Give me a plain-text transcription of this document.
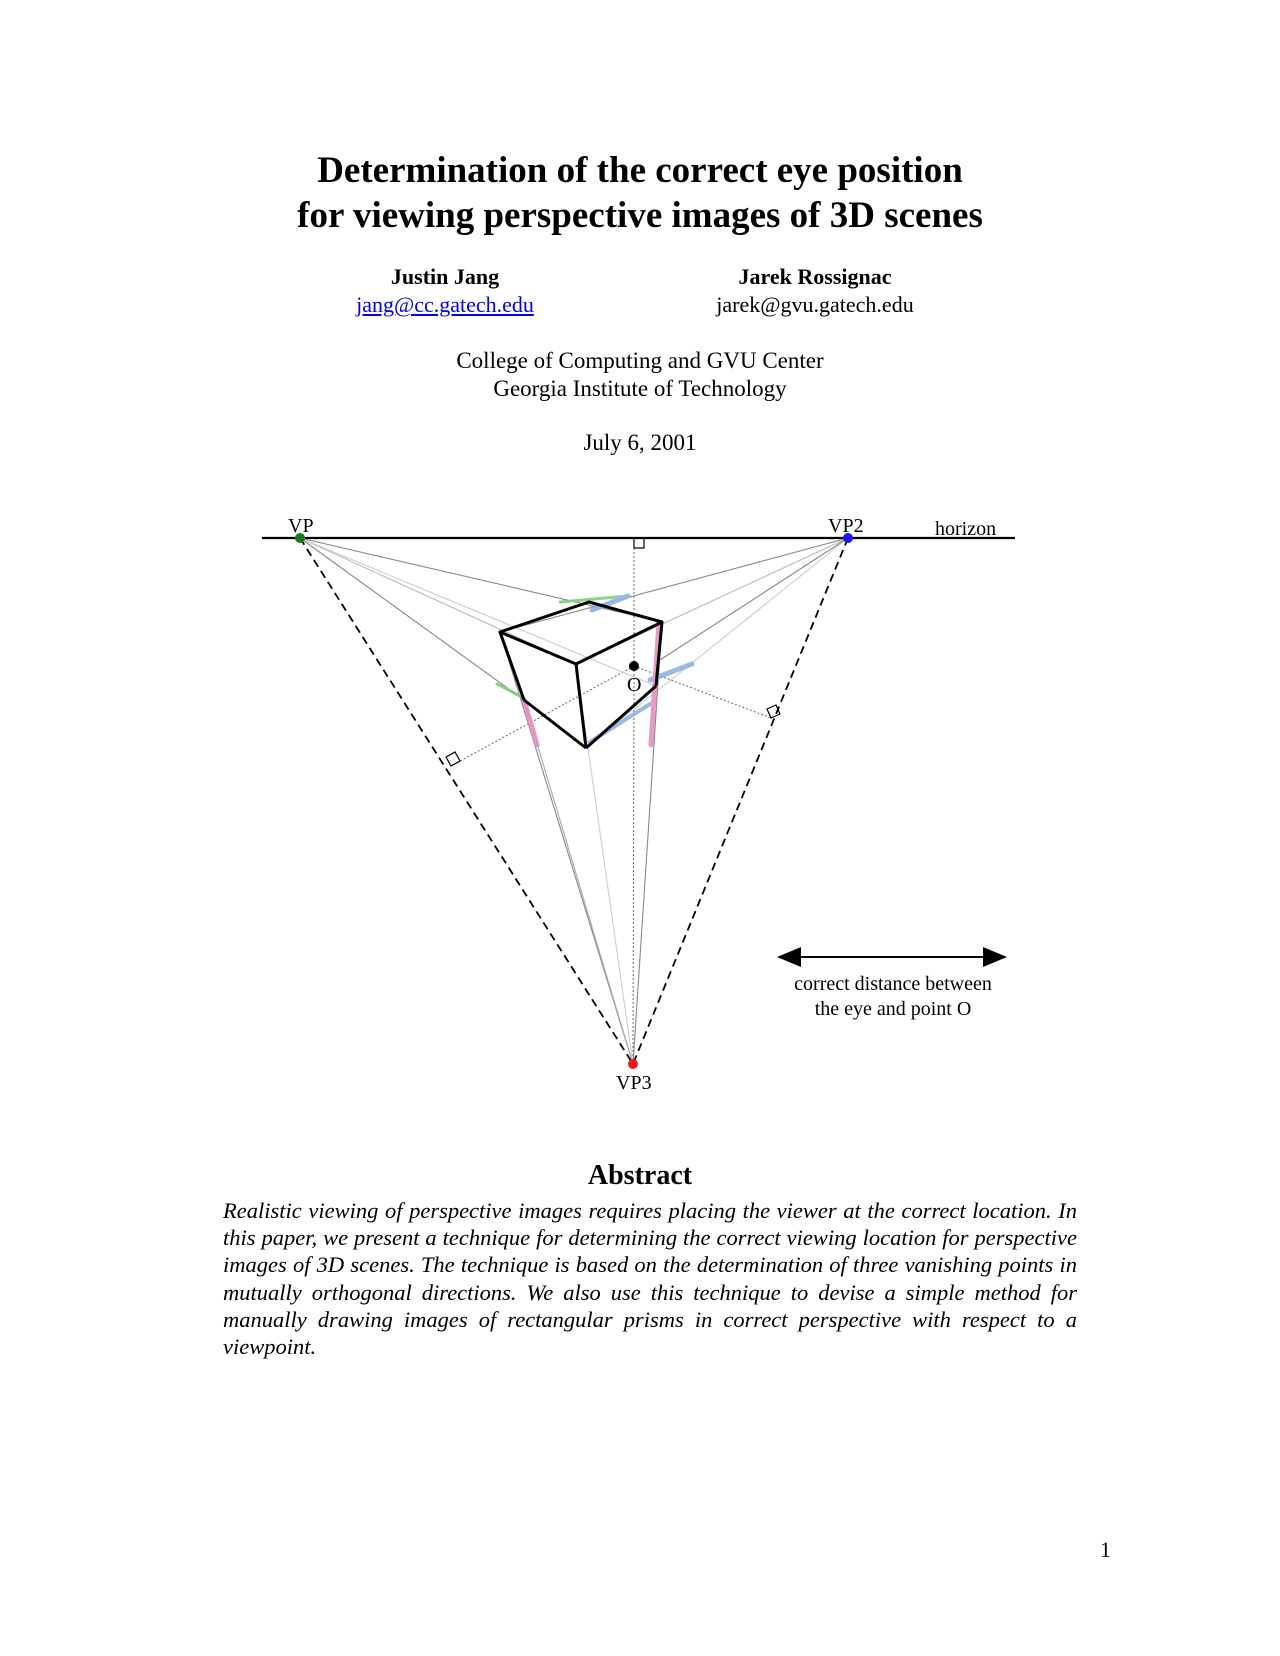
Determination of the correct eye position
for viewing perspective images of 3D scenes
Justin Jang
jang@cc.gatech.edu
Jarek Rossignac
jarek@gvu.gatech.edu
College of Computing and GVU Center
Georgia Institute of Technology
July 6, 2001
VP	VP2	horizon
O
VP3
correct distance between
the eye and point O
Abstract

Realistic viewing of perspective images requires placing the viewer at the correct location. In this paper, we present a technique for determining the correct viewing location for perspective images of 3D scenes. The technique is based on the determination of three vanishing points in mutually orthogonal directions. We also use this technique to devise a simple method for manually drawing images of rectangular prisms in correct perspective with respect to a viewpoint.

1
